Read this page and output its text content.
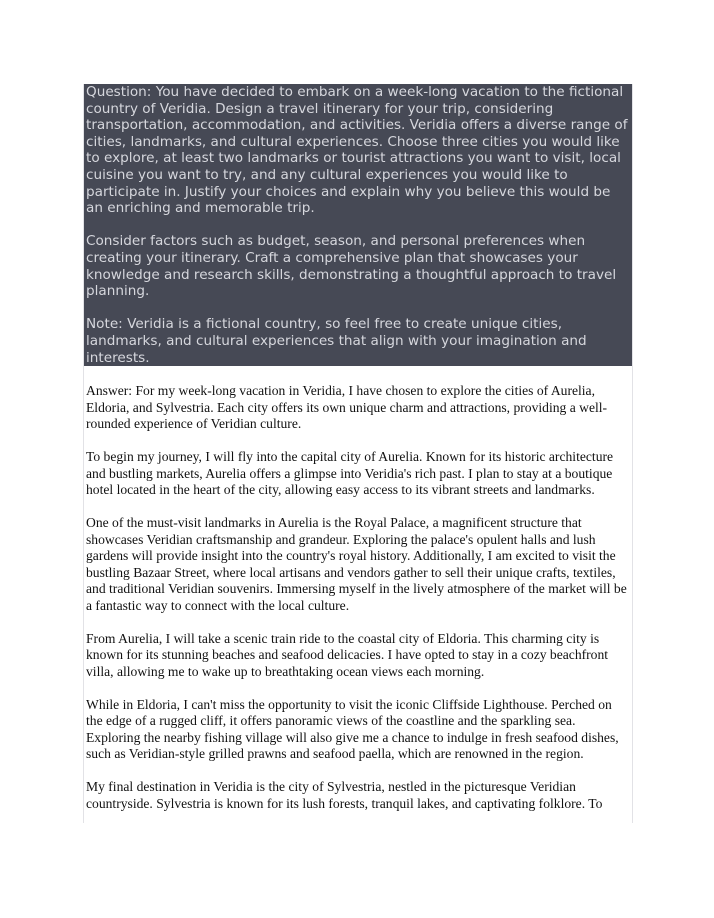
Question: You have decided to embark on a week-long vacation to the fictional country of Veridia. Design a travel itinerary for your trip, considering transportation, accommodation, and activities. Veridia offers a diverse range of cities, landmarks, and cultural experiences. Choose three cities you would like to explore, at least two landmarks or tourist attractions you want to visit, local cuisine you want to try, and any cultural experiences you would like to participate in. Justify your choices and explain why you believe this would be an enriching and memorable trip.

Consider factors such as budget, season, and personal preferences when creating your itinerary. Craft a comprehensive plan that showcases your knowledge and research skills, demonstrating a thoughtful approach to travel planning.

Note: Veridia is a fictional country, so feel free to create unique cities, landmarks, and cultural experiences that align with your imagination and interests.

Answer: For my week-long vacation in Veridia, I have chosen to explore the cities of Aurelia, Eldoria, and Sylvestria. Each city offers its own unique charm and attractions, providing a well-rounded experience of Veridian culture.

To begin my journey, I will fly into the capital city of Aurelia. Known for its historic architecture and bustling markets, Aurelia offers a glimpse into Veridia's rich past. I plan to stay at a boutique hotel located in the heart of the city, allowing easy access to its vibrant streets and landmarks.

One of the must-visit landmarks in Aurelia is the Royal Palace, a magnificent structure that showcases Veridian craftsmanship and grandeur. Exploring the palace's opulent halls and lush gardens will provide insight into the country's royal history. Additionally, I am excited to visit the bustling Bazaar Street, where local artisans and vendors gather to sell their unique crafts, textiles, and traditional Veridian souvenirs. Immersing myself in the lively atmosphere of the market will be a fantastic way to connect with the local culture.

From Aurelia, I will take a scenic train ride to the coastal city of Eldoria. This charming city is known for its stunning beaches and seafood delicacies. I have opted to stay in a cozy beachfront villa, allowing me to wake up to breathtaking ocean views each morning.

While in Eldoria, I can't miss the opportunity to visit the iconic Cliffside Lighthouse. Perched on the edge of a rugged cliff, it offers panoramic views of the coastline and the sparkling sea. Exploring the nearby fishing village will also give me a chance to indulge in fresh seafood dishes, such as Veridian-style grilled prawns and seafood paella, which are renowned in the region.

My final destination in Veridia is the city of Sylvestria, nestled in the picturesque Veridian countryside. Sylvestria is known for its lush forests, tranquil lakes, and captivating folklore. To
